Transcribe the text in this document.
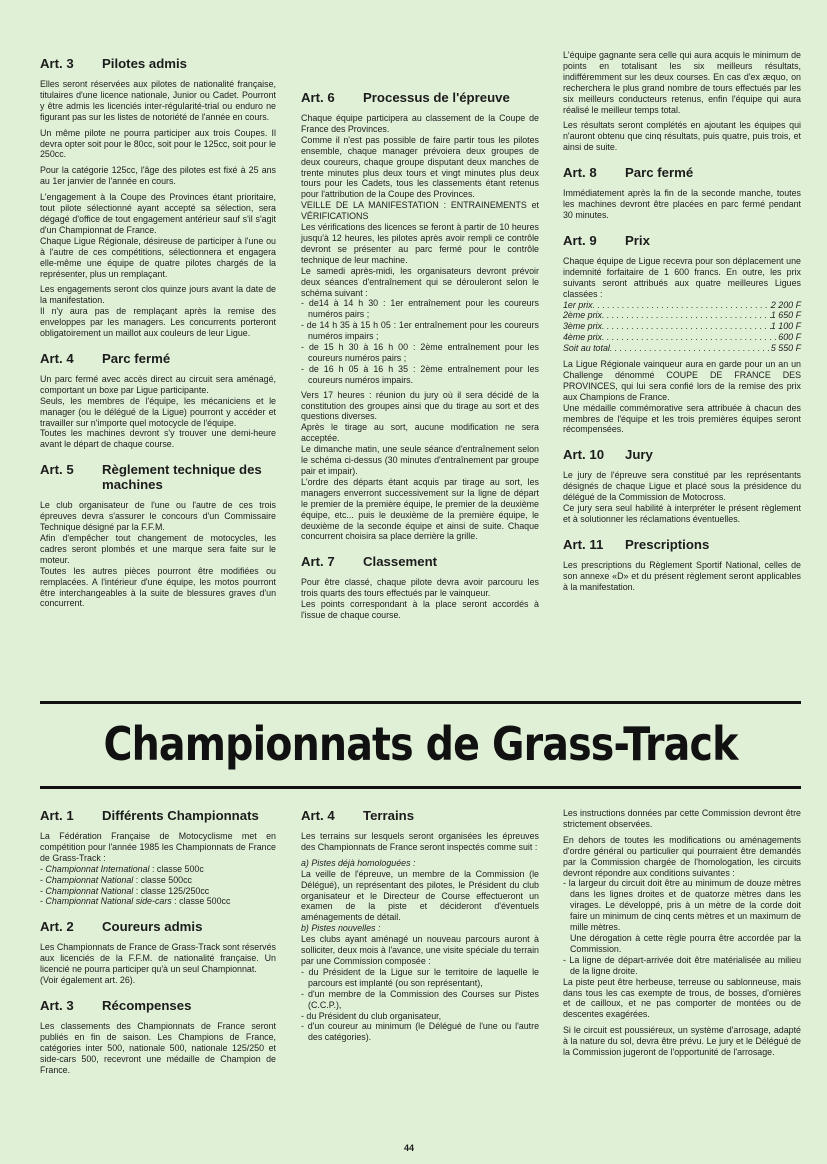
Art. 3	Pilotes admis

Elles seront réservées aux pilotes de nationalité française, titulaires d'une licence nationale, Junior ou Cadet. Pourront y être admis les licenciés inter-régularité-trial ou enduro ne figurant pas sur les listes de notoriété de l'année en cours.

Un même pilote ne pourra participer aux trois Coupes. Il devra opter soit pour le 80cc, soit pour le 125cc, soit pour le 250cc.

Pour la catégorie 125cc, l'âge des pilotes est fixé à 25 ans au 1er janvier de l'année en cours.

L'engagement à la Coupe des Provinces étant prioritaire, tout pilote sélectionné ayant accepté sa sélection, sera dégagé d'office de tout engagement antérieur sauf s'il s'agit d'un Championnat de France.

Chaque Ligue Régionale, désireuse de participer à l'une ou à l'autre de ces compétitions, sélectionnera et engagera elle-même une équipe de quatre pilotes chargés de la représenter, plus un remplaçant.

Les engagements seront clos quinze jours avant la date de la manifestation.

Il n'y aura pas de remplaçant après la remise des enveloppes par les managers. Les concurrents porteront obligatoirement un maillot aux couleurs de leur Ligue.

Art. 4	Parc fermé

Un parc fermé avec accès direct au circuit sera aménagé, comportant un boxe par Ligue participante.

Seuls, les membres de l'équipe, les mécaniciens et le manager (ou le délégué de la Ligue) pourront y accéder et travailler sur n'importe quel motocycle de l'équipe.

Toutes les machines devront s'y trouver une demi-heure avant le départ de chaque course.

Art. 5	Règlement technique des machines

Le club organisateur de l'une ou l'autre de ces trois épreuves devra s'assurer le concours d'un Commissaire Technique désigné par la F.F.M.

Afin d'empêcher tout changement de motocycles, les cadres seront plombés et une marque sera faite sur le moteur.

Toutes les autres pièces pourront être modifiées ou remplacées. A l'intérieur d'une équipe, les motos pourront être interchangeables à la suite de blessures graves d'un concurrent.

Art. 6	Processus de l'épreuve

Chaque équipe participera au classement de la Coupe de France des Provinces.

Comme il n'est pas possible de faire partir tous les pilotes ensemble, chaque manager prévoiera deux groupes de deux coureurs, chaque groupe disputant deux manches de trente minutes plus deux tours et vingt minutes plus deux tours pour les Cadets, tous les classements étant retenus pour l'attribution de la Coupe des Provinces.

VEILLE DE LA MANIFESTATION : ENTRAINEMENTS et VÉRIFICATIONS

Les vérifications des licences se feront à partir de 10 heures jusqu'à 12 heures, les pilotes après avoir rempli ce contrôle devront se présenter au parc fermé pour le contrôle technique de leur machine.

Le samedi après-midi, les organisateurs devront prévoir deux séances d'entraînement qui se dérouleront selon le schéma suivant :

- de14 à 14 h 30 : 1er entraînement pour les coureurs numéros pairs ;
- de 14 h 35 à 15 h 05 : 1er entraînement pour les coureurs numéros impairs ;
- de 15 h 30 à 16 h 00 : 2ème entraînement pour les coureurs numéros pairs ;
- de 16 h 05 à 16 h 35 : 2ème entraînement pour les coureurs numéros impairs.

Vers 17 heures : réunion du jury où il sera décidé de la constitution des groupes ainsi que du tirage au sort et des questions diverses.

Après le tirage au sort, aucune modification ne sera acceptée.

Le dimanche matin, une seule séance d'entraînement selon le schéma ci-dessus (30 minutes d'entraînement par groupe pair et impair).

L'ordre des départs étant acquis par tirage au sort, les managers enverront successivement sur la ligne de départ le premier de la première équipe, le premier de la deuxième équipe, etc... puis le deuxième de la première équipe, le deuxième de la seconde équipe et ainsi de suite. Chaque concurrent choisira sa place derrière la grille.

Art. 7	Classement

Pour être classé, chaque pilote devra avoir parcouru les trois quarts des tours effectués par le vainqueur.

Les points correspondant à la place seront accordés à l'issue de chaque course.

L'équipe gagnante sera celle qui aura acquis le minimum de points en totalisant les six meilleurs résultats, indifféremment sur les deux courses. En cas d'ex æquo, on recherchera le plus grand nombre de tours effectués par les six meilleurs conducteurs retenus, enfin l'équipe qui aura réalisé le meilleur temps total.

Les résultats seront complétés en ajoutant les équipes qui n'auront obtenu que cinq résultats, puis quatre, puis trois, et ainsi de suite.

Art. 8	Parc fermé

Immédiatement après la fin de la seconde manche, toutes les machines devront être placées en parc fermé pendant 30 minutes.

Art. 9	Prix

Chaque équipe de Ligue recevra pour son déplacement une indemnité forfaitaire de 1 600 francs. En outre, les prix suivants seront attribués aux quatre meilleures Ligues classées :

1er prix . . .	2 200 F
2ème prix . . .	1 650 F
3ème prix . . .	1 100 F
4ème prix . . .	600 F
Soit au total . . .	5 550 F

La Ligue Régionale vainqueur aura en garde pour un an un Challenge dénommé COUPE DE FRANCE DES PROVINCES, qui lui sera confié lors de la remise des prix aux Champions de France.

Une médaille commémorative sera attribuée à chacun des membres de l'équipe et les trois premières équipes seront récompensées.

Art. 10	Jury

Le jury de l'épreuve sera constitué par les représentants désignés de chaque Ligue et placé sous la présidence du délégué de la Commission de Motocross.

Ce jury sera seul habilité à interpréter le présent règlement et à solutionner les réclamations éventuelles.

Art. 11	Prescriptions

Les prescriptions du Règlement Sportif National, celles de son annexe «D» et du présent règlement seront applicables à la manifestation.

Championnats de Grass-Track
Art. 1	Différents Championnats

La Fédération Française de Motocyclisme met en compétition pour l'année 1985 les Championnats de France de Grass-Track :

- Championnat International : classe 500c
- Championnat National : classe 500cc
- Championnat National : classe 125/250cc
- Championnat National side-cars : classe 500cc
Art. 2	Coureurs admis

Les Championnats de France de Grass-Track sont réservés aux licenciés de la F.F.M. de nationalité française. Un licencié ne pourra participer qu'à un seul Championnat.

(Voir également art. 26).

Art. 3	Récompenses

Les classements des Championnats de France seront publiés en fin de saison. Les Champions de France, catégories inter 500, nationale 500, nationale 125/250 et side-cars 500, recevront une médaille de Champion de France.

Art. 4	Terrains

Les terrains sur lesquels seront organisées les épreuves des Championnats de France seront inspectés comme suit :

a) Pistes déjà homologuées :

La veille de l'épreuve, un membre de la Commission (le Délégué), un représentant des pilotes, le Président du club organisateur et le Directeur de Course effectueront un examen de la piste et décideront d'éventuels aménagements de détail.

b) Pistes nouvelles :

Les clubs ayant aménagé un nouveau parcours auront à solliciter, deux mois à l'avance, une visite spéciale du terrain par une Commission composée :

- du Président de la Ligue sur le territoire de laquelle le parcours est implanté (ou son représentant),
- d'un membre de la Commission des Courses sur Pistes (C.C.P.),
- du Président du club organisateur,
- d'un coureur au minimum (le Délégué de l'une ou l'autre des catégories).

Les instructions données par cette Commission devront être strictement observées.

En dehors de toutes les modifications ou aménagements d'ordre général ou particulier qui pourraient être demandés par la Commission chargée de l'homologation, les circuits devront répondre aux conditions suivantes :

- la largeur du circuit doit être au minimum de douze mètres dans les lignes droites et de quatorze mètres dans les virages. Le développé, pris à un mètre de la corde doit faire un minimum de cinq cents mètres et un maximum de mille mètres.
Une dérogation à cette règle pourra être accordée par la Commission.
- La ligne de départ-arrivée doit être matérialisée au milieu de la ligne droite.

La piste peut être herbeuse, terreuse ou sablonneuse, mais dans tous les cas exempte de trous, de bosses, d'ornières et de cailloux, et ne pas comporter de montées ou de descentes exagérées.

Si le circuit est poussiéreux, un système d'arrosage, adapté à la nature du sol, devra être prévu. Le jury et le Délégué de la Commission jugeront de l'opportunité de l'arrosage.

44
